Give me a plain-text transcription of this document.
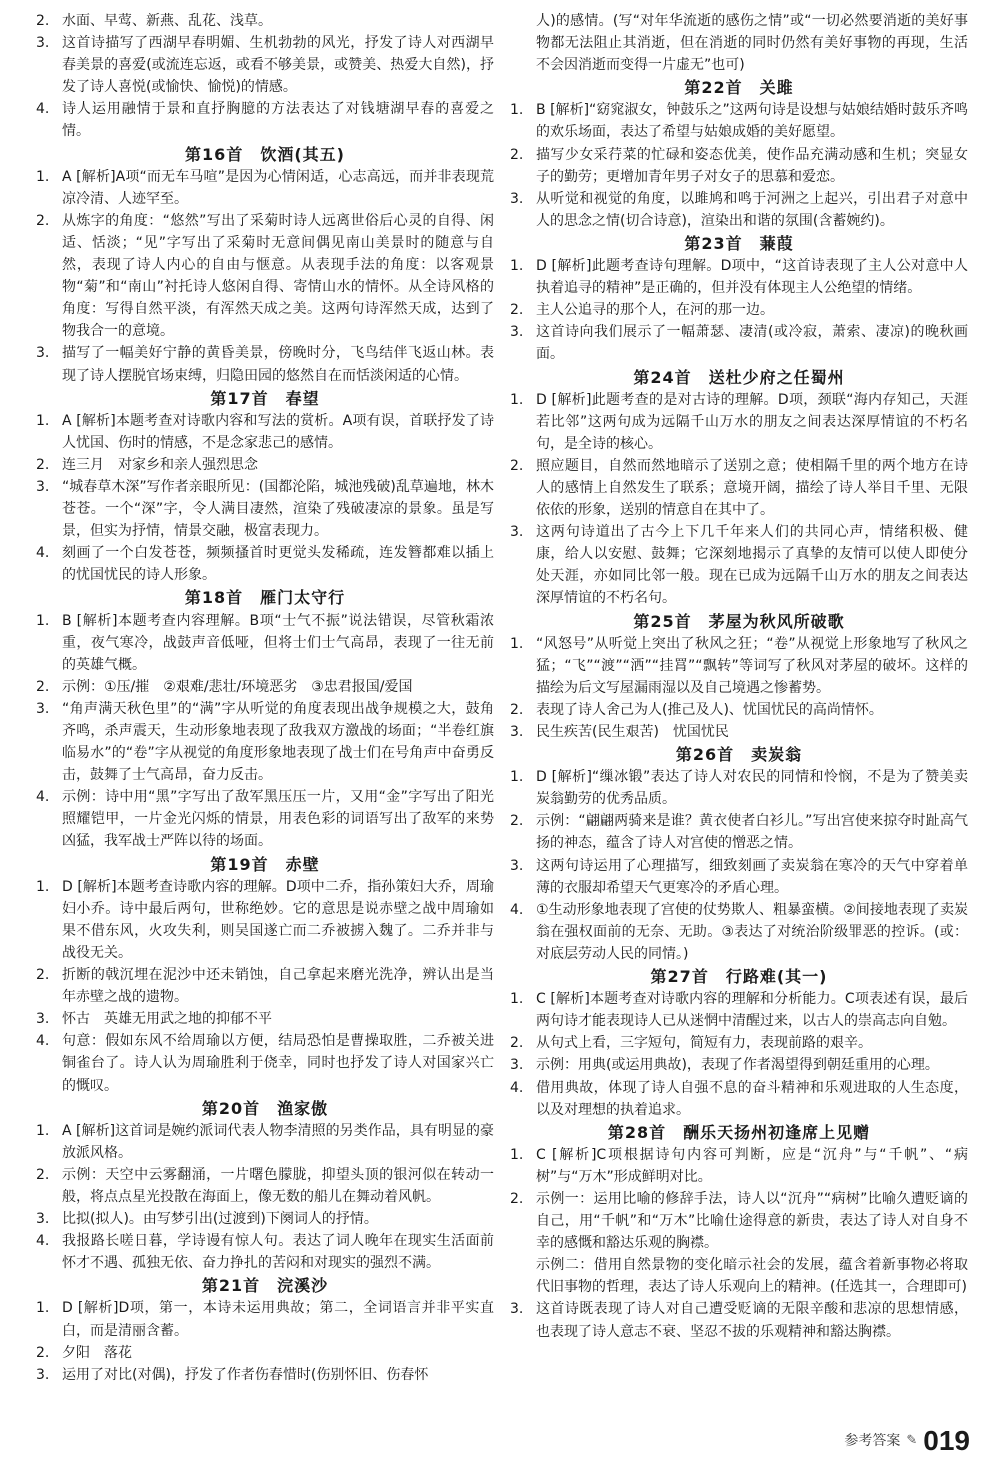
2. 水面、早莺、新燕、乱花、浅草。
3. 这首诗描写了西湖早春明媚、生机勃勃的风光，抒发了诗人对西湖早春美景的喜爱(或流连忘返，或看不够美景，或赞美、热爱大自然)，抒发了诗人喜悦(或愉快、愉悦)的情感。
4. 诗人运用融情于景和直抒胸臆的方法表达了对钱塘湖早春的喜爱之情。
第16首　饮酒(其五)
1. A [解析]A项“而无车马喧”是因为心情闲适，心志高远，而并非表现荒凉冷清、人迹罕至。
2. 从炼字的角度：“悠然”写出了采菊时诗人远离世俗后心灵的自得、闲适、恬淡；“见”字写出了采菊时无意间偶见南山美景时的随意与自然，表现了诗人内心的自由与惬意。从表现手法的角度：以客观景物“菊”和“南山”衬托诗人悠闲自得、寄情山水的情怀。从全诗风格的角度：写得自然平淡，有浑然天成之美。这两句诗浑然天成，达到了物我合一的意境。
3. 描写了一幅美好宁静的黄昏美景，傍晚时分，飞鸟结伴飞返山林。表现了诗人摆脱官场束缚，归隐田园的悠然自在而恬淡闲适的心情。
第17首　春望
1. A [解析]本题考查对诗歌内容和写法的赏析。A项有误，首联抒发了诗人忧国、伤时的情感，不是念家悲己的感情。
2. 连三月　对家乡和亲人强烈思念
3. “城春草木深”写作者亲眼所见：(国都沦陷，城池残破)乱草遍地，林木苍苍。一个“深”字，令人满目凄然，渲染了残破凄凉的景象。虽是写景，但实为抒情，情景交融，极富表现力。
4. 刻画了一个白发苍苍，频频搔首时更觉头发稀疏，连发簪都难以插上的忧国忧民的诗人形象。
第18首　雁门太守行
1. B [解析]本题考查内容理解。B项“士气不振”说法错误，尽管秋霜浓重，夜气寒冷，战鼓声音低哑，但将士们士气高昂，表现了一往无前的英雄气概。
2. 示例：①压/摧　②艰难/悲壮/环境恶劣　③忠君报国/爱国
3. “角声满天秋色里”的“满”字从听觉的角度表现出战争规模之大，鼓角齐鸣，杀声震天，生动形象地表现了敌我双方激战的场面；“半卷红旗临易水”的“卷”字从视觉的角度形象地表现了战士们在号角声中奋勇反击，鼓舞了士气高昂，奋力反击。
4. 示例：诗中用“黑”字写出了敌军黑压压一片，又用“金”字写出了阳光照耀铠甲，一片金光闪烁的情景，用表色彩的词语写出了敌军的来势凶猛，我军战士严阵以待的场面。
第19首　赤壁
1. D [解析]本题考查诗歌内容的理解。D项中二乔，指孙策妇大乔，周瑜妇小乔。诗中最后两句，世称绝妙。它的意思是说赤壁之战中周瑜如果不借东风，火攻失利，则吴国遂亡而二乔被掳入魏了。二乔并非与战役无关。
2. 折断的戟沉埋在泥沙中还未销蚀，自己拿起来磨光洗净，辨认出是当年赤壁之战的遗物。
3. 怀古　英雄无用武之地的抑郁不平
4. 句意：假如东风不给周瑜以方便，结局恐怕是曹操取胜，二乔被关进铜雀台了。诗人认为周瑜胜利于侥幸，同时也抒发了诗人对国家兴亡的慨叹。
第20首　渔家傲
1. A [解析]这首词是婉约派词代表人物李清照的另类作品，具有明显的豪放派风格。
2. 示例：天空中云雾翻涌，一片曙色朦胧，抑望头顶的银河似在转动一般，将点点星光投散在海面上，像无数的船儿在舞动着风帆。
3. 比拟(拟人)。由写梦引出(过渡到)下阕词人的抒情。
4. 我报路长嗟日暮，学诗谩有惊人句。表达了词人晚年在现实生活面前怀才不遇、孤独无依、奋力挣扎的苦闷和对现实的强烈不满。
第21首　浣溪沙
1. D [解析]D项，第一，本诗未运用典故；第二，全词语言并非平实直白，而是清丽含蓄。
2. 夕阳　落花
3. 运用了对比(对偶)，抒发了作者伤春惜时(伤别怀旧、伤春怀
人)的感情。(写“对年华流逝的感伤之情”或“一切必然要消逝的美好事物都无法阻止其消逝，但在消逝的同时仍然有美好事物的再现，生活不会因消逝而变得一片虚无”也可)
第22首　关雎
1. B [解析]“窈窕淑女，钟鼓乐之”这两句诗是设想与姑娘结婚时鼓乐齐鸣的欢乐场面，表达了希望与姑娘成婚的美好愿望。
2. 描写少女采荇菜的忙碌和姿态优美，使作品充满动感和生机；突显女子的勤劳；更增加青年男子对女子的思慕和爱恋。
3. 从听觉和视觉的角度，以雎鸠和鸣于河洲之上起兴，引出君子对意中人的思念之情(切合诗意)，渲染出和谐的氛围(含蓄婉约)。
第23首　蒹葭
1. D [解析]此题考查诗句理解。D项中，“这首诗表现了主人公对意中人执着追寻的精神”是正确的，但并没有体现主人公绝望的情绪。
2. 主人公追寻的那个人，在河的那一边。
3. 这首诗向我们展示了一幅萧瑟、凄清(或冷寂，萧索、凄凉)的晚秋画面。
第24首　送杜少府之任蜀州
1. D [解析]此题考查的是对古诗的理解。D项，颈联“海内存知己，天涯若比邻”这两句成为远隔千山万水的朋友之间表达深厚情谊的不朽名句，是全诗的核心。
2. 照应题目，自然而然地暗示了送别之意；使相隔千里的两个地方在诗人的感情上自然发生了联系；意境开阔，描绘了诗人举目千里、无限依依的形象，送别的情意自在其中了。
3. 这两句诗道出了古今上下几千年来人们的共同心声，情绪积极、健康，给人以安慰、鼓舞；它深刻地揭示了真挚的友情可以使人即使分处天涯，亦如同比邻一般。现在已成为远隔千山万水的朋友之间表达深厚情谊的不朽名句。
第25首　茅屋为秋风所破歌
1. “风怒号”从听觉上突出了秋风之狂；“卷”从视觉上形象地写了秋风之猛；“飞”“渡”“洒”“挂罥”“飘转”等词写了秋风对茅屋的破坏。这样的描绘为后文写屋漏雨湿以及自己境遇之惨蓄势。
2. 表现了诗人舍己为人(推己及人)、忧国忧民的高尚情怀。
3. 民生疾苦(民生艰苦)　忧国忧民
第26首　卖炭翁
1. D [解析]“缫冰锻”表达了诗人对农民的同情和怜悯，不是为了赞美卖炭翁勤劳的优秀品质。
2. 示例：“翩翩两骑来是谁？黄衣使者白衫儿。”写出宫使来掠夺时趾高气扬的神态，蕴含了诗人对宫使的憎恶之情。
3. 这两句诗运用了心理描写，细致刻画了卖炭翁在寒冷的天气中穿着单薄的衣服却希望天气更寒冷的矛盾心理。
4. ①生动形象地表现了宫使的仗势欺人、粗暴蛮横。②间接地表现了卖炭翁在强权面前的无奈、无助。③表达了对统治阶级罪恶的控诉。(或：对底层劳动人民的同情。)
第27首　行路难(其一)
1. C [解析]本题考查对诗歌内容的理解和分析能力。C项表述有误，最后两句诗才能表现诗人已从迷惘中清醒过来，以古人的崇高志向自勉。
2. 从句式上看，三字短句，简短有力，表现前路的艰辛。
3. 示例：用典(或运用典故)，表现了作者渴望得到朝廷重用的心理。
4. 借用典故，体现了诗人自强不息的奋斗精神和乐观进取的人生态度，以及对理想的执着追求。
第28首　酬乐天扬州初逢席上见赠
1. C [解析]C项根据诗句内容可判断，应是“沉舟”与“千帆”、“病树”与“万木”形成鲜明对比。
2. 示例一：运用比喻的修辞手法，诗人以“沉舟”“病树”比喻久遭贬谪的自己，用“千帆”和“万木”比喻仕途得意的新贵，表达了诗人对自身不幸的感慨和豁达乐观的胸襟。
示例二：借用自然景物的变化暗示社会的发展，蕴含着新事物必将取代旧事物的哲理，表达了诗人乐观向上的精神。(任选其一，合理即可)
3. 这首诗既表现了诗人对自己遭受贬谪的无限辛酸和悲凉的思想情感，也表现了诗人意志不衰、坚忍不拔的乐观精神和豁达胸襟。
参考答案 ✎ 019
